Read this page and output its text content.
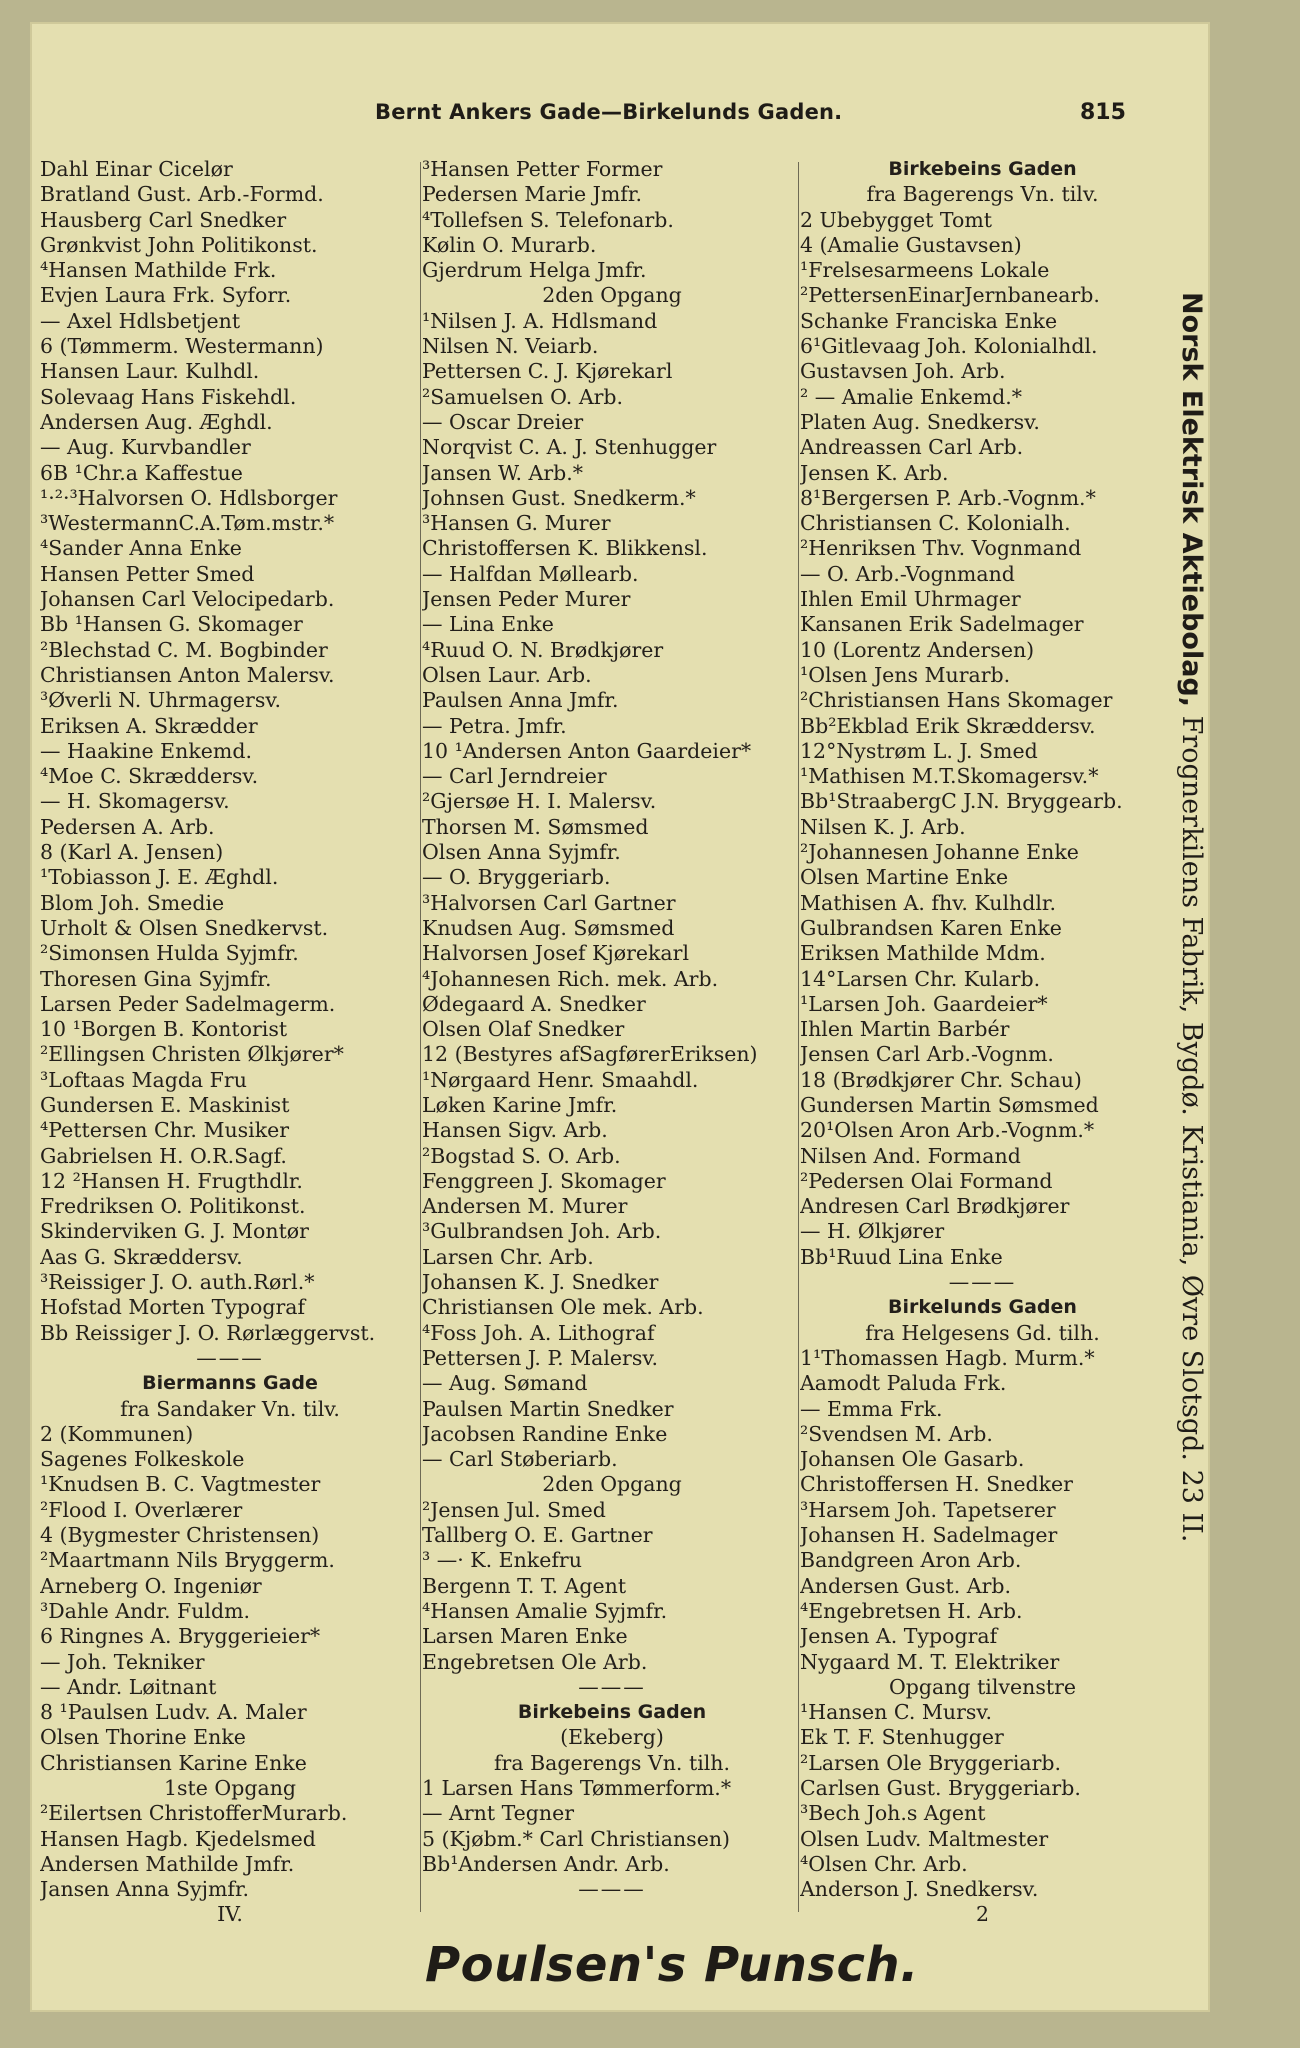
Bernt Ankers Gade—Birkelunds Gaden.	815
Dahl Einar Cicelør
Bratland Gust. Arb.-Formd.
Hausberg Carl Snedker
Grønkvist John Politikonst.
⁴Hansen Mathilde Frk.
Evjen Laura Frk. Syforr.
— Axel Hdlsbetjent
6 (Tømmerm. Westermann)
Hansen Laur. Kulhdl.
Solevaag Hans Fiskehdl.
Andersen Aug. Æghdl.
— Aug. Kurvbandler
6B ¹Chr.a Kaffestue
¹·²·³Halvorsen O. Hdlsborger
³WestermannC.A.Tøm.mstr.*
⁴Sander Anna Enke
Hansen Petter Smed
Johansen Carl Velocipedarb.
Bb ¹Hansen G. Skomager
²Blechstad C. M. Bogbinder
Christiansen Anton Malersv.
³Øverli N. Uhrmagersv.
Eriksen A. Skrædder
— Haakine Enkemd.
⁴Moe C. Skræddersv.
— H. Skomagersv.
Pedersen A. Arb.
8 (Karl A. Jensen)
¹Tobiasson J. E. Æghdl.
Blom Joh. Smedie
Urholt & Olsen Snedkervst.
²Simonsen Hulda Syjmfr.
Thoresen Gina Syjmfr.
Larsen Peder Sadelmagerm.
10 ¹Borgen B. Kontorist
²Ellingsen Christen Ølkjører*
³Loftaas Magda Fru
Gundersen E. Maskinist
⁴Pettersen Chr. Musiker
Gabrielsen H. O.R.Sagf.
12 ²Hansen H. Frugthdlr.
Fredriksen O. Politikonst.
Skinderviken G. J. Montør
Aas G. Skræddersv.
³Reissiger J. O. auth.Rørl.*
Hofstad Morten Typograf
Bb Reissiger J. O. Rørlæggervst.
———
Biermanns Gade
fra Sandaker Vn. tilv.
2 (Kommunen)
Sagenes Folkeskole
¹Knudsen B. C. Vagtmester
²Flood I. Overlærer
4 (Bygmester Christensen)
²Maartmann Nils Bryggerm.
Arneberg O. Ingeniør
³Dahle Andr. Fuldm.
6 Ringnes A. Bryggerieier*
— Joh. Tekniker
— Andr. Løitnant
8 ¹Paulsen Ludv. A. Maler
Olsen Thorine Enke
Christiansen Karine Enke
1ste Opgang
²Eilertsen ChristofferMurarb.
Hansen Hagb. Kjedelsmed
Andersen Mathilde Jmfr.
Jansen Anna Syjmfr.
IV.
³Hansen Petter Former
Pedersen Marie Jmfr.
⁴Tollefsen S. Telefonarb.
Kølin O. Murarb.
Gjerdrum Helga Jmfr.
2den Opgang
¹Nilsen J. A. Hdlsmand
Nilsen N. Veiarb.
Pettersen C. J. Kjørekarl
²Samuelsen O. Arb.
— Oscar Dreier
Norqvist C. A. J. Stenhugger
Jansen W. Arb.*
Johnsen Gust. Snedkerm.*
³Hansen G. Murer
Christoffersen K. Blikkensl.
— Halfdan Møllearb.
Jensen Peder Murer
— Lina Enke
⁴Ruud O. N. Brødkjører
Olsen Laur. Arb.
Paulsen Anna Jmfr.
— Petra. Jmfr.
10 ¹Andersen Anton Gaardeier*
— Carl Jerndreier
²Gjersøe H. I. Malersv.
Thorsen M. Sømsmed
Olsen Anna Syjmfr.
— O. Bryggeriarb.
³Halvorsen Carl Gartner
Knudsen Aug. Sømsmed
Halvorsen Josef Kjørekarl
⁴Johannesen Rich. mek. Arb.
Ødegaard A. Snedker
Olsen Olaf Snedker
12 (Bestyres afSagførerEriksen)
¹Nørgaard Henr. Smaahdl.
Løken Karine Jmfr.
Hansen Sigv. Arb.
²Bogstad S. O. Arb.
Fenggreen J. Skomager
Andersen M. Murer
³Gulbrandsen Joh. Arb.
Larsen Chr. Arb.
Johansen K. J. Snedker
Christiansen Ole mek. Arb.
⁴Foss Joh. A. Lithograf
Pettersen J. P. Malersv.
— Aug. Sømand
Paulsen Martin Snedker
Jacobsen Randine Enke
— Carl Støberiarb.
2den Opgang
²Jensen Jul. Smed
Tallberg O. E. Gartner
³ —· K. Enkefru
Bergenn T. T. Agent
⁴Hansen Amalie Syjmfr.
Larsen Maren Enke
Engebretsen Ole Arb.
———
Birkebeins Gaden
(Ekeberg)
fra Bagerengs Vn. tilh.
1 Larsen Hans Tømmerform.*
— Arnt Tegner
5 (Kjøbm.* Carl Christiansen)
Bb¹Andersen Andr. Arb.
———
Birkebeins Gaden
fra Bagerengs Vn. tilv.
2 Ubebygget Tomt
4 (Amalie Gustavsen)
¹Frelsesarmeens Lokale
²PettersenEinarJernbanearb.
Schanke Franciska Enke
6¹Gitlevaag Joh. Kolonialhdl.
Gustavsen Joh. Arb.
² — Amalie Enkemd.*
Platen Aug. Snedkersv.
Andreassen Carl Arb.
Jensen K. Arb.
8¹Bergersen P. Arb.-Vognm.*
Christiansen C. Kolonialh.
²Henriksen Thv. Vognmand
— O. Arb.-Vognmand
Ihlen Emil Uhrmager
Kansanen Erik Sadelmager
10 (Lorentz Andersen)
¹Olsen Jens Murarb.
²Christiansen Hans Skomager
Bb²Ekblad Erik Skræddersv.
12°Nystrøm L. J. Smed
¹Mathisen M.T.Skomagersv.*
Bb¹StraabergC J.N. Bryggearb.
Nilsen K. J. Arb.
²Johannesen Johanne Enke
Olsen Martine Enke
Mathisen A. fhv. Kulhdlr.
Gulbrandsen Karen Enke
Eriksen Mathilde Mdm.
14°Larsen Chr. Kularb.
¹Larsen Joh. Gaardeier*
Ihlen Martin Barbér
Jensen Carl Arb.-Vognm.
18 (Brødkjører Chr. Schau)
Gundersen Martin Sømsmed
20¹Olsen Aron Arb.-Vognm.*
Nilsen And. Formand
²Pedersen Olai Formand
Andresen Carl Brødkjører
— H. Ølkjører
Bb¹Ruud Lina Enke
———
Birkelunds Gaden
fra Helgesens Gd. tilh.
1¹Thomassen Hagb. Murm.*
Aamodt Paluda Frk.
— Emma Frk.
²Svendsen M. Arb.
Johansen Ole Gasarb.
Christoffersen H. Snedker
³Harsem Joh. Tapetserer
Johansen H. Sadelmager
Bandgreen Aron Arb.
Andersen Gust. Arb.
⁴Engebretsen H. Arb.
Jensen A. Typograf
Nygaard M. T. Elektriker
Opgang tilvenstre
¹Hansen C. Mursv.
Ek T. F. Stenhugger
²Larsen Ole Bryggeriarb.
Carlsen Gust. Bryggeriarb.
³Bech Joh.s Agent
Olsen Ludv. Maltmester
⁴Olsen Chr. Arb.
Anderson J. Snedkersv.
2
Norsk Elektrisk Aktiebolag, Frognerkilens Fabrik, Bygdø. Kristiania, Øvre Slotsgd. 23 II.
Poulsen's Punsch.
